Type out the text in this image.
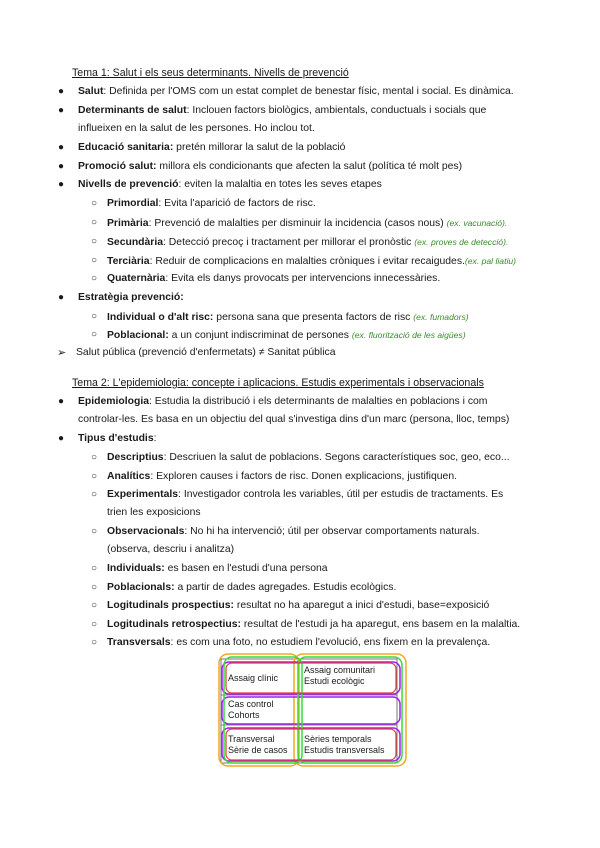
Tema 1: Salut i els seus determinants. Nivells de prevenció
● Salut: Definida per l'OMS com un estat complet de benestar físic, mental i social. Es dinàmica.
● Determinants de salut: Inclouen factors biològics, ambientals, conductuals i socials que
influeixen en la salut de les persones. Ho inclou tot.
● Educació sanitaria: pretén millorar la salut de la població
● Promoció salut: millora els condicionants que afecten la salut (política té molt pes)
● Nivells de prevenció: eviten la malaltia en totes les seves etapes
○ Primordial: Evita l'aparició de factors de risc.
○ Primària: Prevenció de malalties per disminuir la incidencia (casos nous) (ex. vacunació).
○ Secundària: Detecció precoç i tractament per millorar el pronòstic (ex. proves de detecció).
○ Terciària: Reduir de complicacions en malalties cròniques i evitar recaigudes.(ex. pal liatiu)
○ Quaternària: Evita els danys provocats per intervencions innecessàries.
● Estratègia prevenció:
○ Individual o d'alt risc: persona sana que presenta factors de risc (ex. fumadors)
○ Poblacional: a un conjunt indiscriminat de persones (ex. fluorització de les aigües)
➢ Salut pública (prevenció d'enfermetats) ≠ Sanitat pública
Tema 2: L'epidemiologia: concepte i aplicacions. Estudis experimentals i observacionals
● Epidemiologia: Estudia la distribució i els determinants de malalties en poblacions i com
controlar-les. Es basa en un objectiu del qual s'investiga dins d'un marc (persona, lloc, temps)
● Tipus d'estudis:
○ Descriptius: Descriuen la salut de poblacions. Segons característiques soc, geo, eco...
○ Analítics: Exploren causes i factors de risc. Donen explicacions, justifiquen.
○ Experimentals: Investigador controla les variables, útil per estudis de tractaments. Es
trien les exposicions
○ Observacionals: No hi ha intervenció; útil per observar comportaments naturals.
(observa, descriu i analitza)
○ Individuals: es basen en l'estudi d'una persona
○ Poblacionals: a partir de dades agregades. Estudis ecològics.
○ Logitudinals prospectius: resultat no ha aparegut a inici d'estudi, base=exposició
○ Logitudinals retrospectius: resultat de l'estudi ja ha aparegut, ens basem en la malaltia.
○ Transversals: es com una foto, no estudiem l'evolució, ens fixem en la prevalença.
Assaig clínic
Assaig comunitari
Estudi ecològic
Cas control
Cohorts
Transversal
Sèrie de casos
Sèries temporals
Estudis transversals
